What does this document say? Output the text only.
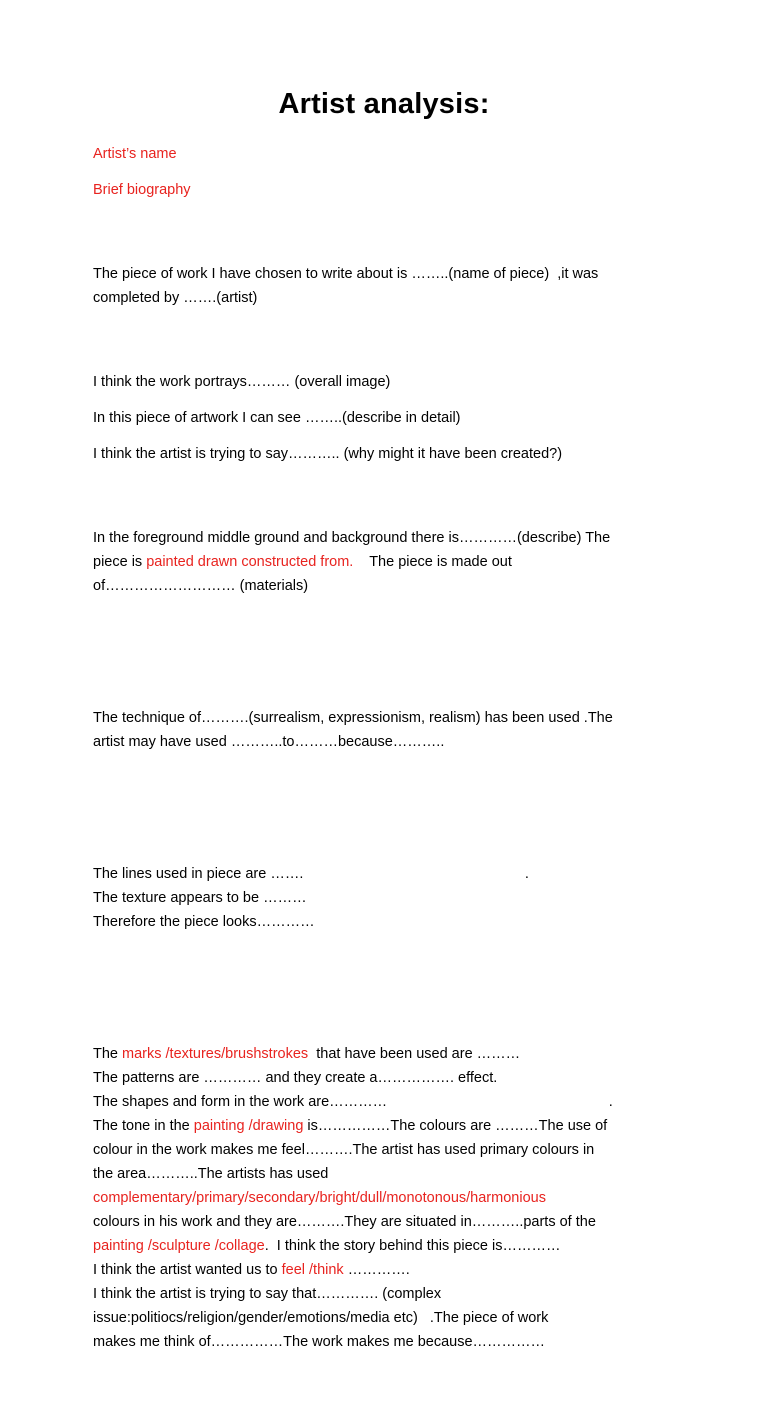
Artist analysis:

Artist’s name

Brief biography

The piece of work I have chosen to write about is ……..(name of piece)  ,it was
completed by …….(artist)

I think the work portrays……… (overall image)

In this piece of artwork I can see ……..(describe in detail)

I think the artist is trying to say……….. (why might it have been created?)

In the foreground middle ground and background there is…………(describe) The
piece is painted drawn constructed from.    The piece is made out
of……………………… (materials)

The technique of……….(surrealism, expressionism, realism) has been used .The
artist may have used ………..to………because………..

The lines used in piece are …….                                                       .
The texture appears to be ………
Therefore the piece looks…………

The marks /textures/brushstrokes  that have been used are ………
The patterns are ………… and they create a……………. effect.
The shapes and form in the work are…………                                                       .
The tone in the painting /drawing is……………The colours are ………The use of
colour in the work makes me feel……….The artist has used primary colours in
the area………..The artists has used
complementary/primary/secondary/bright/dull/monotonous/harmonious
colours in his work and they are……….They are situated in………..parts of the
painting /sculpture /collage.  I think the story behind this piece is…………
I think the artist wanted us to feel /think ………….
I think the artist is trying to say that…………. (complex
issue:politiocs/religion/gender/emotions/media etc)   .The piece of work
makes me think of……………The work makes me because……………
